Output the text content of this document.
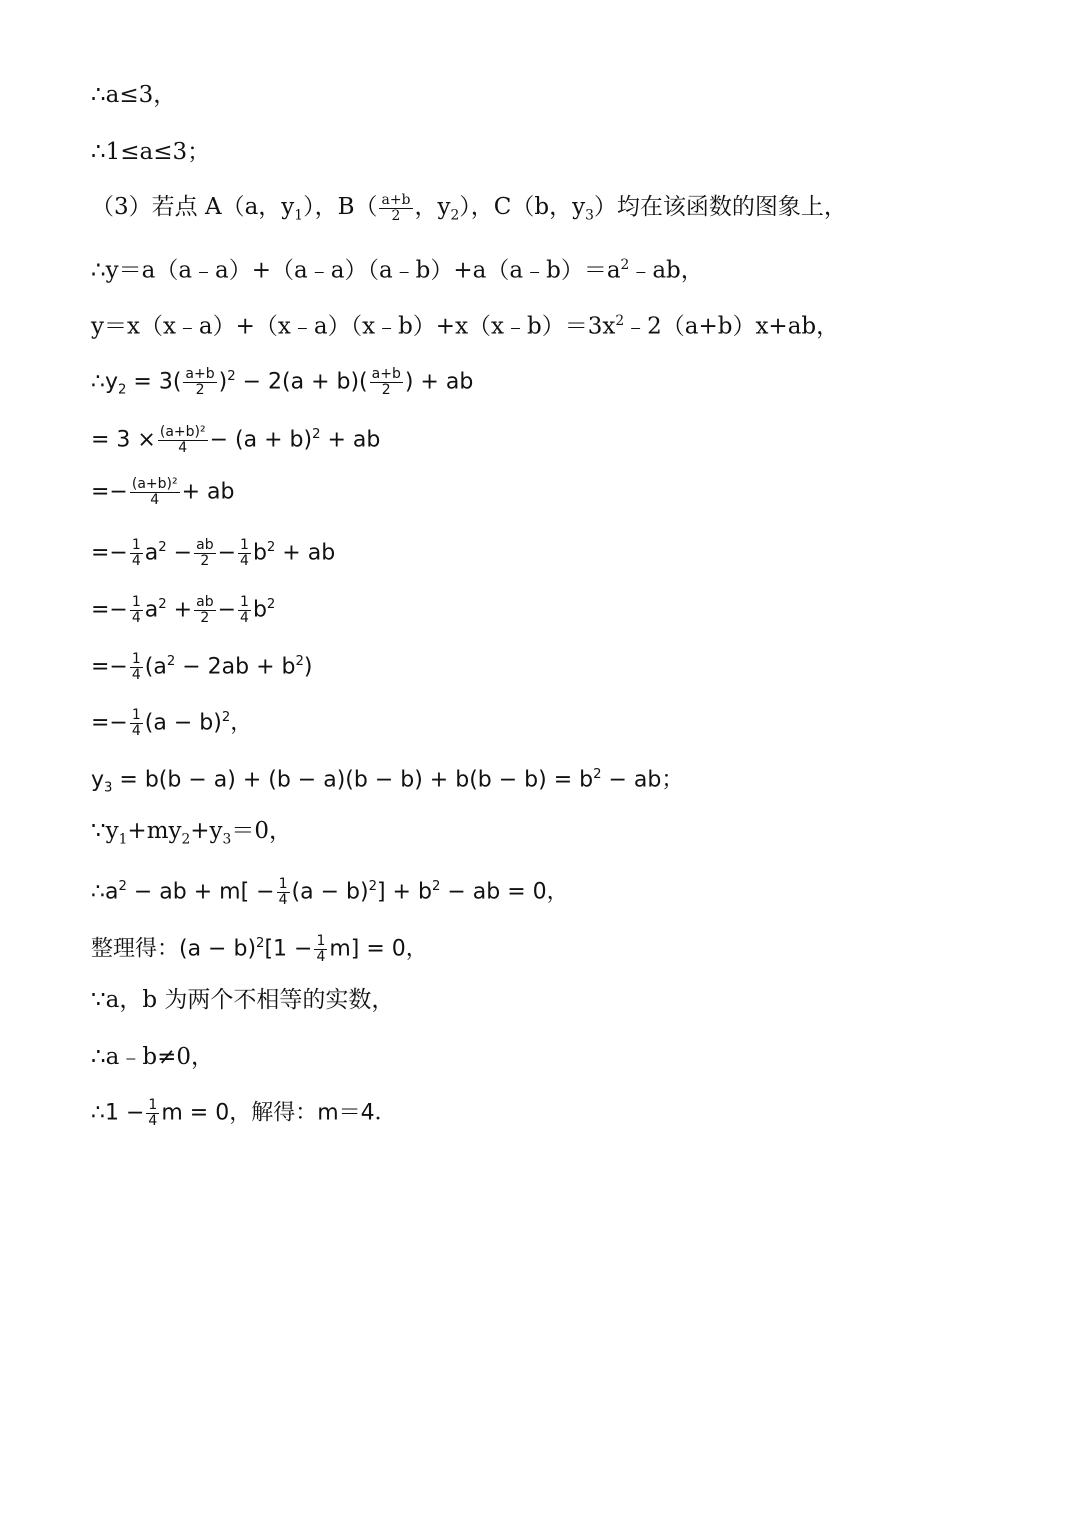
∴a≤3，
∴1≤a≤3；
（3）若点 A（a，$y_1$），$B( \frac{a+b}{2}$ ，$y_2$），C（b，$y_3$）均在该函数的图象上，
$\therefore y=a(a﹣a)+(a﹣a)(a﹣b)+a(a﹣b)=a^2﹣ab$，
$y=x(x﹣a)+(x﹣a)(x﹣b)+x(x﹣b)=3x^2﹣2(a+b)x+ab$，
$\therefore y_2 = 3( \frac{a+b}{2} )^2 - 2(a + b)( \frac{a+b}{2}$ ) + ab
= $3 \times \frac{\text{(a+b)²}}{4} - (a + b)^2$ + ab
=− $\frac{\text{(a+b)²}}{4}$ + ab
=− $\frac{1}{4} a^2 - \frac{ab}{2} - \frac{1}{4} b^2$ + ab
=− $\frac{1}{4} a^2 + \frac{ab}{2} - \frac{1}{4} b^2$
=− $\frac{1}{4} (a^2 - 2ab + b^2)$
=− $\frac{1}{4} (a - b)^2$，
$y_3 = b(b - a) + (b - a)(b - b) + b(b - b) = b^2$ − ab；
$\because y_1+my_2+y_3=0$，
$\therefore a^2$ − ab + $m[ - \frac{1}{4} (a - b)^2] + b^2$ − ab = 0，
整理得：$(a - b)^2[1 - \frac{1}{4} m] = 0$，
∵a，b 为两个不相等的实数，
∴a﹣b≠0，
∴1 − $\frac{1}{4}$ m = 0，解得：m＝4．
